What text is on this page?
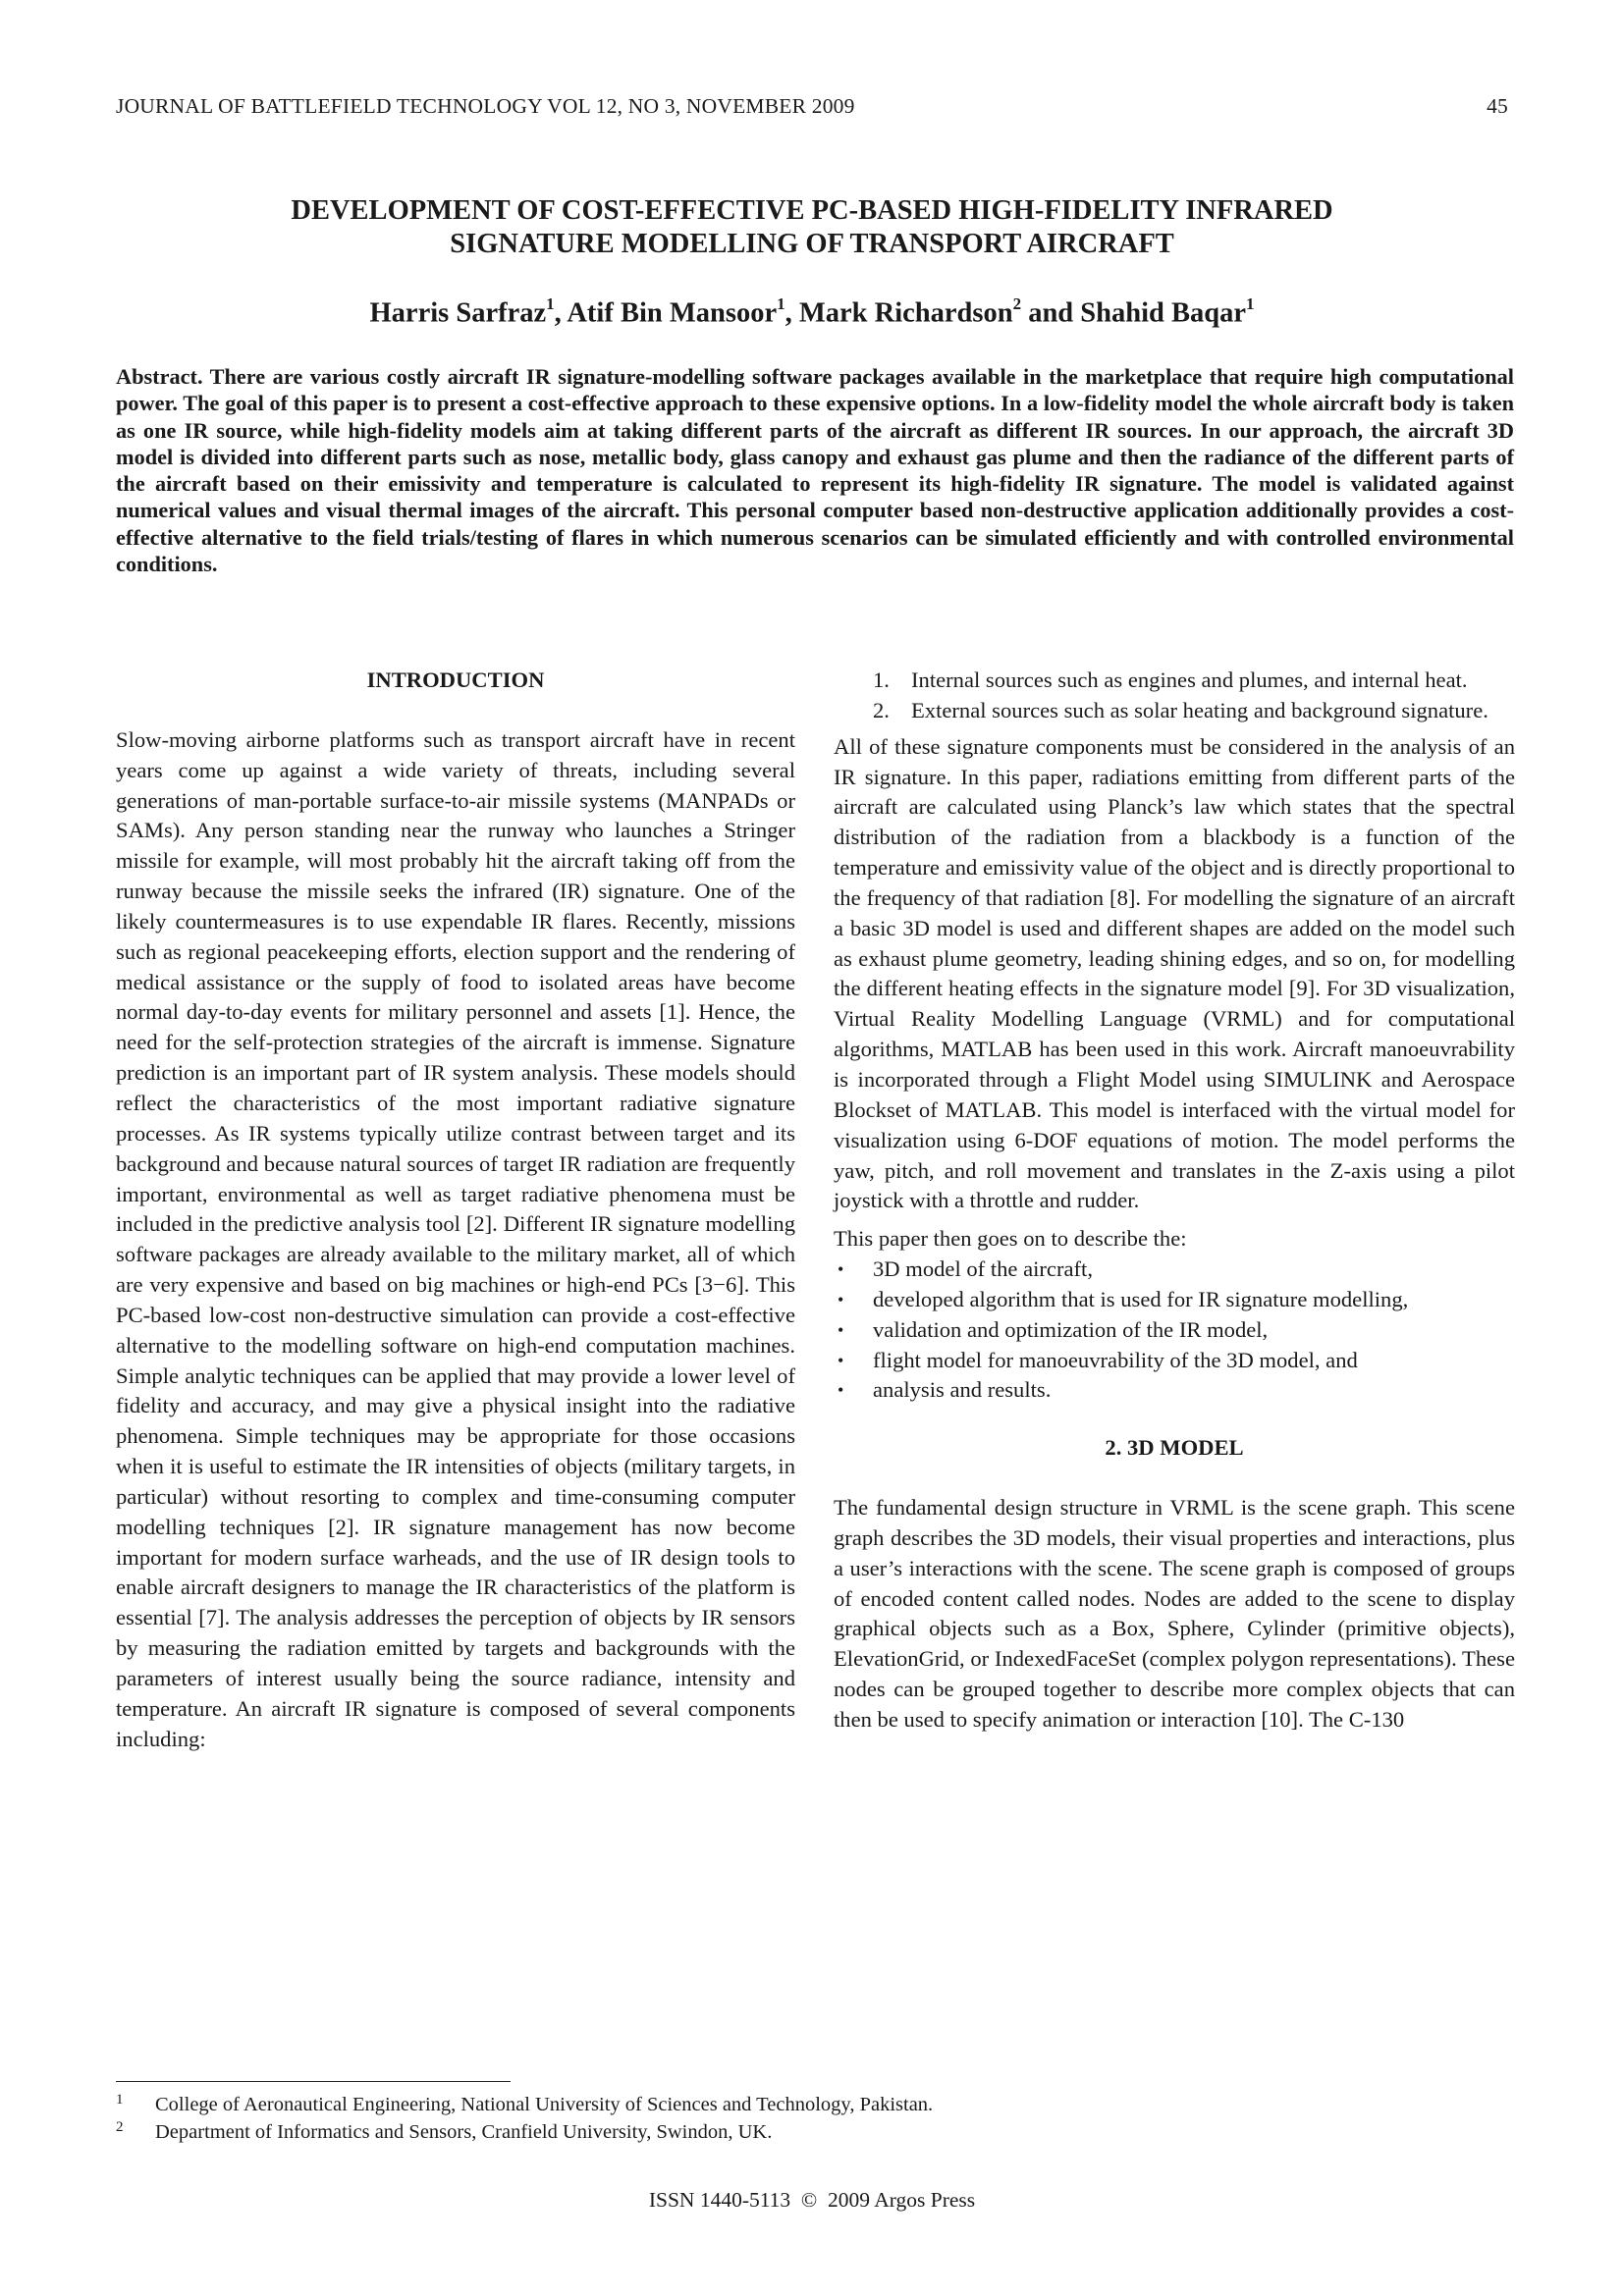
JOURNAL OF BATTLEFIELD TECHNOLOGY VOL 12, NO 3, NOVEMBER 2009	45
DEVELOPMENT OF COST-EFFECTIVE PC-BASED HIGH-FIDELITY INFRARED
SIGNATURE MODELLING OF TRANSPORT AIRCRAFT
Harris Sarfraz$^1$, Atif Bin Mansoor$^1$, Mark Richardson$^2$ and Shahid Baqar$^1$

Abstract. There are various costly aircraft IR signature-modelling software packages available in the marketplace that require high computational power. The goal of this paper is to present a cost-effective approach to these expensive options. In a low-fidelity model the whole aircraft body is taken as one IR source, while high-fidelity models aim at taking different parts of the aircraft as different IR sources. In our approach, the aircraft 3D model is divided into different parts such as nose, metallic body, glass canopy and exhaust gas plume and then the radiance of the different parts of the aircraft based on their emissivity and temperature is calculated to represent its high-fidelity IR signature. The model is validated against numerical values and visual thermal images of the aircraft. This personal computer based non-destructive application additionally provides a cost-effective alternative to the field trials/testing of flares in which numerous scenarios can be simulated efficiently and with controlled environmental conditions.

INTRODUCTION

Slow-moving airborne platforms such as transport aircraft have in recent years come up against a wide variety of threats, including several generations of man-portable surface-to-air missile systems (MANPADs or SAMs). Any person standing near the runway who launches a Stringer missile for example, will most probably hit the aircraft taking off from the runway because the missile seeks the infrared (IR) signature. One of the likely countermeasures is to use expendable IR flares. Recently, missions such as regional peacekeeping efforts, election support and the rendering of medical assistance or the supply of food to isolated areas have become normal day-to-day events for military personnel and assets [1]. Hence, the need for the self-protection strategies of the aircraft is immense. Signature prediction is an important part of IR system analysis. These models should reflect the characteristics of the most important radiative signature processes. As IR systems typically utilize contrast between target and its background and because natural sources of target IR radiation are frequently important, environmental as well as target radiative phenomena must be included in the predictive analysis tool [2]. Different IR signature modelling software packages are already available to the military market, all of which are very expensive and based on big machines or high-end PCs [3−6]. This PC-based low-cost non-destructive simulation can provide a cost-effective alternative to the modelling software on high-end computation machines. Simple analytic techniques can be applied that may provide a lower level of fidelity and accuracy, and may give a physical insight into the radiative phenomena. Simple techniques may be appropriate for those occasions when it is useful to estimate the IR intensities of objects (military targets, in particular) without resorting to complex and time-consuming computer modelling techniques [2]. IR signature management has now become important for modern surface warheads, and the use of IR design tools to enable aircraft designers to manage the IR characteristics of the platform is essential [7]. The analysis addresses the perception of objects by IR sensors by measuring the radiation emitted by targets and backgrounds with the parameters of interest usually being the source radiance, intensity and temperature. An aircraft IR signature is composed of several components including:

1. Internal sources such as engines and plumes, and internal heat.
2. External sources such as solar heating and background signature.

All of these signature components must be considered in the analysis of an IR signature. In this paper, radiations emitting from different parts of the aircraft are calculated using Planck’s law which states that the spectral distribution of the radiation from a blackbody is a function of the temperature and emissivity value of the object and is directly proportional to the frequency of that radiation [8]. For modelling the signature of an aircraft a basic 3D model is used and different shapes are added on the model such as exhaust plume geometry, leading shining edges, and so on, for modelling the different heating effects in the signature model [9]. For 3D visualization, Virtual Reality Modelling Language (VRML) and for computational algorithms, MATLAB has been used in this work. Aircraft manoeuvrability is incorporated through a Flight Model using SIMULINK and Aerospace Blockset of MATLAB. This model is interfaced with the virtual model for visualization using 6-DOF equations of motion. The model performs the yaw, pitch, and roll movement and translates in the Z-axis using a pilot joystick with a throttle and rudder.

This paper then goes on to describe the:

• 3D model of the aircraft,
• developed algorithm that is used for IR signature modelling,
• validation and optimization of the IR model,
• flight model for manoeuvrability of the 3D model, and
• analysis and results.

2. 3D MODEL

The fundamental design structure in VRML is the scene graph. This scene graph describes the 3D models, their visual properties and interactions, plus a user’s interactions with the scene. The scene graph is composed of groups of encoded content called nodes. Nodes are added to the scene to display graphical objects such as a Box, Sphere, Cylinder (primitive objects), ElevationGrid, or IndexedFaceSet (complex polygon representations). These nodes can be grouped together to describe more complex objects that can then be used to specify animation or interaction [10]. The C-130

1 College of Aeronautical Engineering, National University of Sciences and Technology, Pakistan.
2 Department of Informatics and Sensors, Cranfield University, Swindon, UK.
ISSN 1440-5113  ©  2009 Argos Press
